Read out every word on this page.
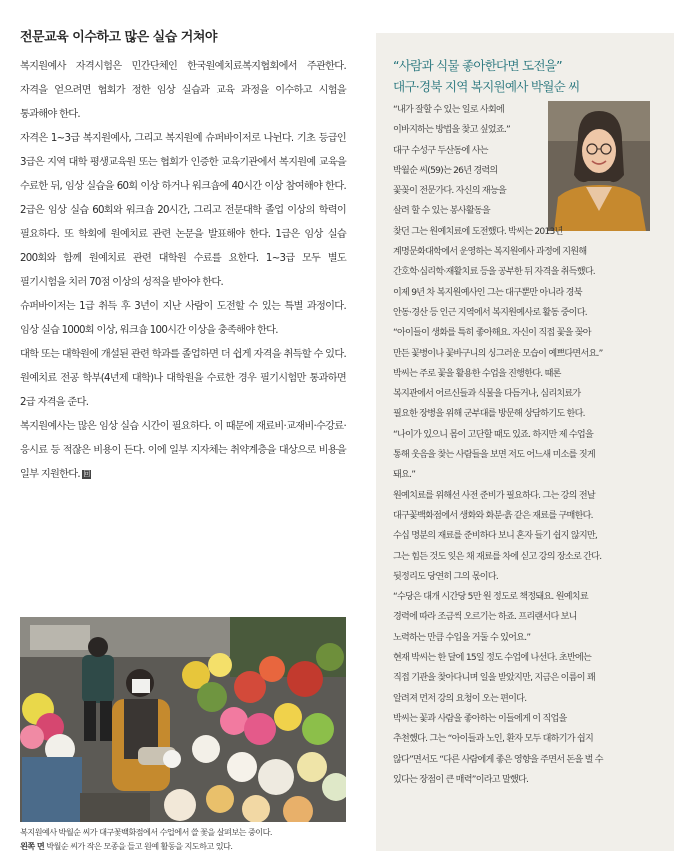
전문교육 이수하고 많은 실습 거쳐야

복지원예사 자격시험은 민간단체인 한국원예치료복지협회에서 주관한다. 자격을 얻으려면 협회가 정한 임상 실습과 교육 과정을 이수하고 시험을 통과해야 한다.

자격은 1~3급 복지원예사, 그리고 복지원예 슈퍼바이저로 나뉜다. 기초 등급인 3급은 지역 대학 평생교육원 또는 협회가 인증한 교육기관에서 복지원예 교육을 수료한 뒤, 임상 실습을 60회 이상 하거나 워크숍에 40시간 이상 참여해야 한다. 2급은 임상 실습 60회와 워크숍 20시간, 그리고 전문대학 졸업 이상의 학력이 필요하다. 또 학회에 원예치료 관련 논문을 발표해야 한다. 1급은 임상 실습 200회와 함께 원예치료 관련 대학원 수료를 요한다. 1~3급 모두 별도 필기시험을 치러 70점 이상의 성적을 받아야 한다.

슈퍼바이저는 1급 취득 후 3년이 지난 사람이 도전할 수 있는 특별 과정이다. 임상 실습 1000회 이상, 워크숍 100시간 이상을 충족해야 한다.

대학 또는 대학원에 개설된 관련 학과를 졸업하면 더 쉽게 자격을 취득할 수 있다. 원예치료 전공 학부(4년제 대학)나 대학원을 수료한 경우 필기시험만 통과하면 2급 자격을 준다.

복지원예사는 많은 임상 실습 시간이 필요하다. 이 때문에 재료비·교재비·수강료·응시료 등 적잖은 비용이 든다. 이에 일부 지자체는 취약계층을 대상으로 비용을 일부 지원한다. 回

복지원예사 박월순 씨가 대구꽃백화점에서 수업에서 쓸 꽃을 살펴보는 중이다.
왼쪽 면 박월순 씨가 작은 모종을 들고 원예 활동을 지도하고 있다.

“사람과 식물 좋아한다면 도전을”

대구·경북 지역 복지원예사 박월순 씨

“내가 잘할 수 있는 일로 사회에
이바지하는 방법을 찾고 싶었죠.”
대구 수성구 두산동에 사는
박월순 씨(59)는 26년 경력의
꽃꽂이 전문가다. 자신의 재능을
살려 할 수 있는 봉사활동을
찾던 그는 원예치료에 도전했다. 박씨는 2013년
계명문화대학에서 운영하는 복지원예사 과정에 지원해
간호학·심리학·재활치료 등을 공부한 뒤 자격을 취득했다.
이제 9년 차 복지원예사인 그는 대구뿐만 아니라 경북
안동·경산 등 인근 지역에서 복지원예사로 활동 중이다.
“아이들이 생화를 특히 좋아해요. 자신이 직접 꽃을 꽂아
만든 꽃병이나 꽃바구니의 싱그러운 모습이 예쁘다면서요.”
박씨는 주로 꽃을 활용한 수업을 진행한다. 때론
복지관에서 어르신들과 식물을 다듬거나, 심리치료가
필요한 장병을 위해 군부대를 방문해 상담하기도 한다.
“나이가 있으니 몸이 고단할 때도 있죠. 하지만 제 수업을
통해 웃음을 찾는 사람들을 보면 저도 어느새 미소를 짓게
돼요.”
원예치료를 위해선 사전 준비가 필요하다. 그는 강의 전날
대구꽃백화점에서 생화와 화분·흙 같은 재료를 구매한다.
수십 명분의 재료를 준비하다 보니 혼자 들기 쉽지 않지만,
그는 힘든 것도 잊은 채 재료를 차에 싣고 강의 장소로 간다.
뒷정리도 당연히 그의 몫이다.
“수당은 대개 시간당 5만 원 정도로 책정돼요. 원예치료
경력에 따라 조금씩 오르기는 하죠. 프리랜서다 보니
노력하는 만큼 수입을 거둘 수 있어요.”
현재 박씨는 한 달에 15일 정도 수업에 나선다. 초반에는
직접 기관을 찾아다니며 일을 받았지만, 지금은 이름이 꽤
알려져 먼저 강의 요청이 오는 편이다.
박씨는 꽃과 사람을 좋아하는 이들에게 이 직업을
추천했다. 그는 “아이들과 노인, 환자 모두 대하기가 쉽지
않다”면서도 “다른 사람에게 좋은 영향을 주면서 돈을 벌 수
있다는 장점이 큰 매력”이라고 말했다.
